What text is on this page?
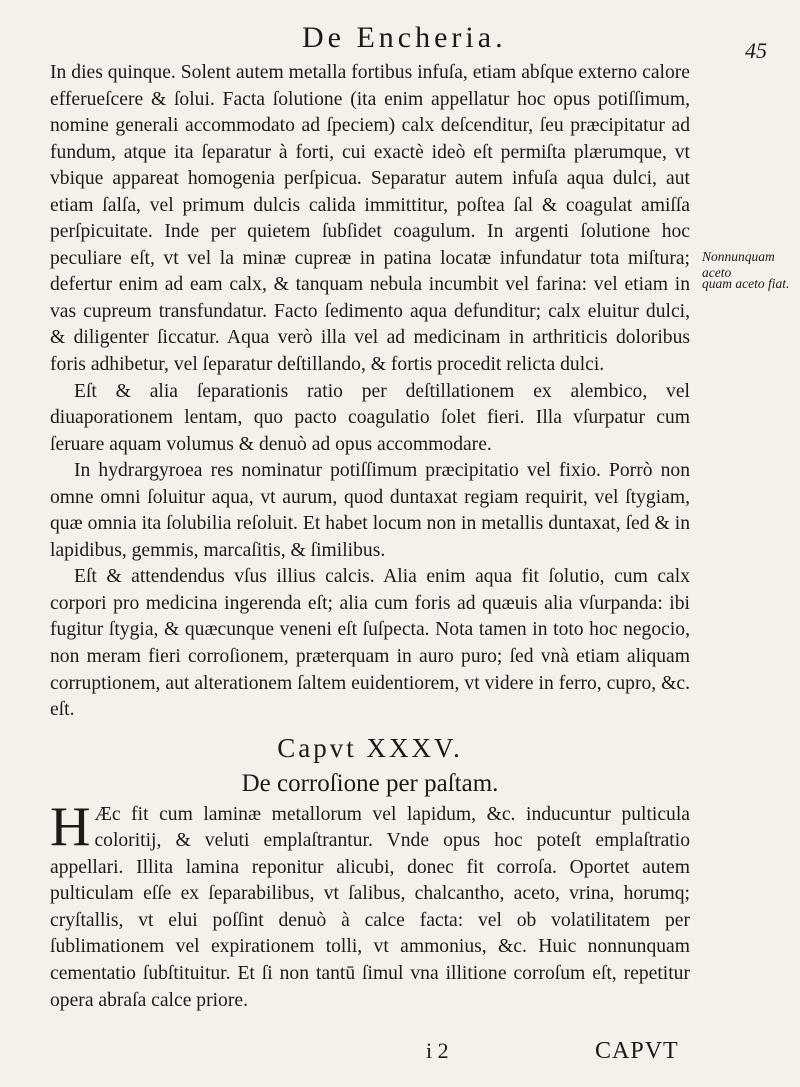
De Encheria.	45

In dies quinque. Solent autem metalla fortibus infuſa, etiam abſque externo calore efferueſcere & ſolui. Facta ſolutione (ita enim appellatur hoc opus potiſſimum, nomine generali accommodato ad ſpeciem) calx deſcenditur, ſeu præcipitatur ad fundum, atque ita ſeparatur à forti, cui exactè ideò eſt permiſta plærumque, vt vbique appareat homogenia perſpicua. Separatur autem infuſa aqua dulci, aut etiam ſalſa, vel primum dulcis calida immittitur, poſtea ſal & coagulat amiſſa perſpicuitate. Inde per quietem ſubſidet coagulum. In argenti ſolutione hoc peculiare eſt, vt vel la minæ cupreæ in patina locatæ infundatur tota miſtura; defertur enim ad eam calx, & tanquam nebula incumbit vel farina: vel etiam in vas cupreum transfundatur. Facto ſedimento aqua defunditur; calx eluitur dulci, & diligenter ſiccatur. Aqua verò illa vel ad medicinam in arthriticis doloribus foris adhibetur, vel ſeparatur deſtillando, & fortis procedit relicta dulci.

Eſt & alia ſeparationis ratio per deſtillationem ex alembico, vel diuaporationem lentam, quo pacto coagulatio ſolet fieri. Illa vſurpatur cum ſeruare aquam volumus & denuò ad opus accommodare.

In hydrargyroea res nominatur potiſſimum præcipitatio vel fixio. Porrò non omne omni ſoluitur aqua, vt aurum, quod duntaxat regiam requirit, vel ſtygiam, quæ omnia ita ſolubilia reſoluit. Et habet locum non in metallis duntaxat, ſed & in lapidibus, gemmis, marcaſitis, & ſimilibus.

Eſt & attendendus vſus illius calcis. Alia enim aqua fit ſolutio, cum calx corpori pro medicina ingerenda eſt; alia cum foris ad quæuis alia vſurpanda: ibi fugitur ſtygia, & quæcunque veneni eſt ſuſpecta. Nota tamen in toto hoc negocio, non meram fieri corroſionem, præterquam in auro puro; ſed vnà etiam aliquam corruptionem, aut alterationem ſaltem euidentiorem, vt videre in ferro, cupro, &c. eſt.

Capvt XXXV.
De corroſione per paſtam.

H Æc fit cum laminæ metallorum vel lapidum, &c. inducuntur pulticula coloritij, & veluti emplaſtrantur. Vnde opus hoc poteſt emplaſtratio appellari. Illita lamina reponitur alicubi, donec fit corroſa. Oportet autem pulticulam eſſe ex ſeparabilibus, vt ſalibus, chalcantho, aceto, vrina, horumq; cryſtallis, vt elui poſſint denuò à calce facta: vel ob volatilitatem per ſublimationem vel expirationem tolli, vt ammonius, &c. Huic nonnunquam cementatio ſubſtituitur. Et ſi non tantū ſimul vna illitione corroſum eſt, repetitur opera abraſa calce priore.

Nonnunquam aceto
quam aceto fiat.
i 2	CAPVT
